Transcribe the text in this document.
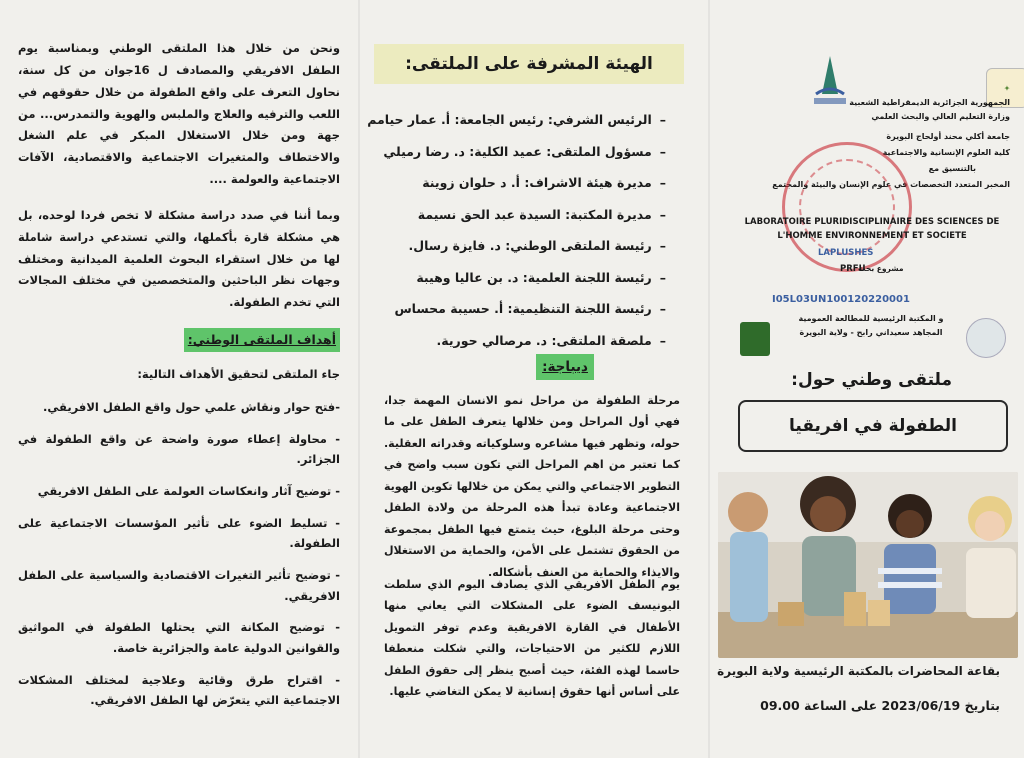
ونحن من خلال هذا الملتقى الوطني وبمناسبة يوم الطفل الافريقي والمصادف ل 16جوان من كل سنة، نحاول التعرف على واقع الطفولة من خلال حقوقهم في اللعب والترفيه والعلاج والملبس والهوية والتمدرس... من جهة ومن خلال الاستغلال المبكر في علم الشغل والاختطاف والمتغيرات الاجتماعية والاقتصادية، الآفات الاجتماعية والعولمة ....

وبما أننا في صدد دراسة مشكلة لا تخص فردا لوحده، بل هي مشكلة قارة بأكملها، والتي تستدعي دراسة شاملة لها من خلال استقراء البحوث العلمية الميدانية ومختلف وجهات نظر الباحثين والمتخصصين في مختلف المجالات التي تخدم الطفولة.

أهداف الملتقى الوطني:

جاء الملتقى لتحقيق الأهداف التالية:

-فتح حوار ونقاش علمي حول واقع الطفل الافريقي.

- محاولة إعطاء صورة واضحة عن واقع الطفولة في الجزائر.

- توضيح آثار وانعكاسات العولمة على الطفل الافريقي

- تسليط الضوء على تأثير المؤسسات الاجتماعية على الطفولة.

- توضيح تأثير التغيرات الاقتصادية والسياسية على الطفل الافريقي.

- توضيح المكانة التي يحتلها الطفولة في المواثيق والقوانين الدولية عامة والجزائرية خاصة.

- اقتراح طرق وقائية وعلاجية لمختلف المشكلات الاجتماعية التي يتعرّض لها الطفل الافريقي.

الهيئة المشرفة على الملتقى:
– الرئيس الشرفي: رئيس الجامعة: أ. عمار حيامم
– مسؤول الملتقى: عميد الكلية: د. رضا رميلي
– مديرة هيئة الاشراف: أ. د حلوان زوينة
– مديرة المكتبة: السيدة عبد الحق نسيمة
– رئيسة الملتقى الوطني: د. فايزة رسال.
– رئيسة اللجنة العلمية: د. بن عاليا وهيبة
– رئيسة اللجنة التنظيمية: أ. حسيبة محساس
– ملصقة الملتقى: د. مرصالي حورية.
ديباجة:

مرحلة الطفولة من مراحل نمو الانسان المهمة جدا، فهي أول المراحل ومن خلالها يتعرف الطفل على ما حوله، وتظهر فيها مشاعره وسلوكياته وقدراته العقلية. كما تعتبر من اهم المراحل التي تكون سبب واضح في التطوير الاجتماعي والتي يمكن من خلالها تكوين الهوية الاجتماعية وعادة تبدأ هذه المرحلة من ولادة الطفل وحتى مرحلة البلوغ، حيث يتمتع فيها الطفل بمجموعة من الحقوق تشتمل على الأمن، والحماية من الاستغلال والايذاء والحماية من العنف بأشكاله.

يوم الطفل الافريقي الذي يصادف اليوم الذي سلطت اليونيسف الضوء على المشكلات التي يعاني منها الأطفال في القارة الافريقية وعدم توفر التمويل اللازم للكثير من الاحتياجات، والتي شكلت منعطفا حاسما لهذه الفئة، حيث أصبح ينظر إلى حقوق الطفل على أساس أنها حقوق إنسانية لا يمكن التغاضي عليها.

✦
الجمهورية الجزائرية الديمقراطية الشعبية
وزارة التعليم العالي والبحث العلمي
جامعة أكلي محند أولحاج البويرة
كلية العلوم الإنسانية والاجتماعية
بالتنسيق مع
المخبر المتعدد التخصصات في علوم الإنسان والبيئة والمجتمع
LABORATOIRE PLURIDISCIPLINAIRE DES SCIENCES DE L'HOMME ENVIRONNEMENT ET SOCIETE
LAPLUSHES
PRFU
مشروع بحث
I05L03UN100120220001
و المكتبة الرئيسية للمطالعة العمومية
المجاهد سعيداني رابح - ولاية البويرة
ملتقى وطني حول:
الطفولة في افريقيا
بقاعة المحاضرات بالمكتبة الرئيسية ولاية البويرة
بتاريخ 2023/06/19 على الساعة 09.00
